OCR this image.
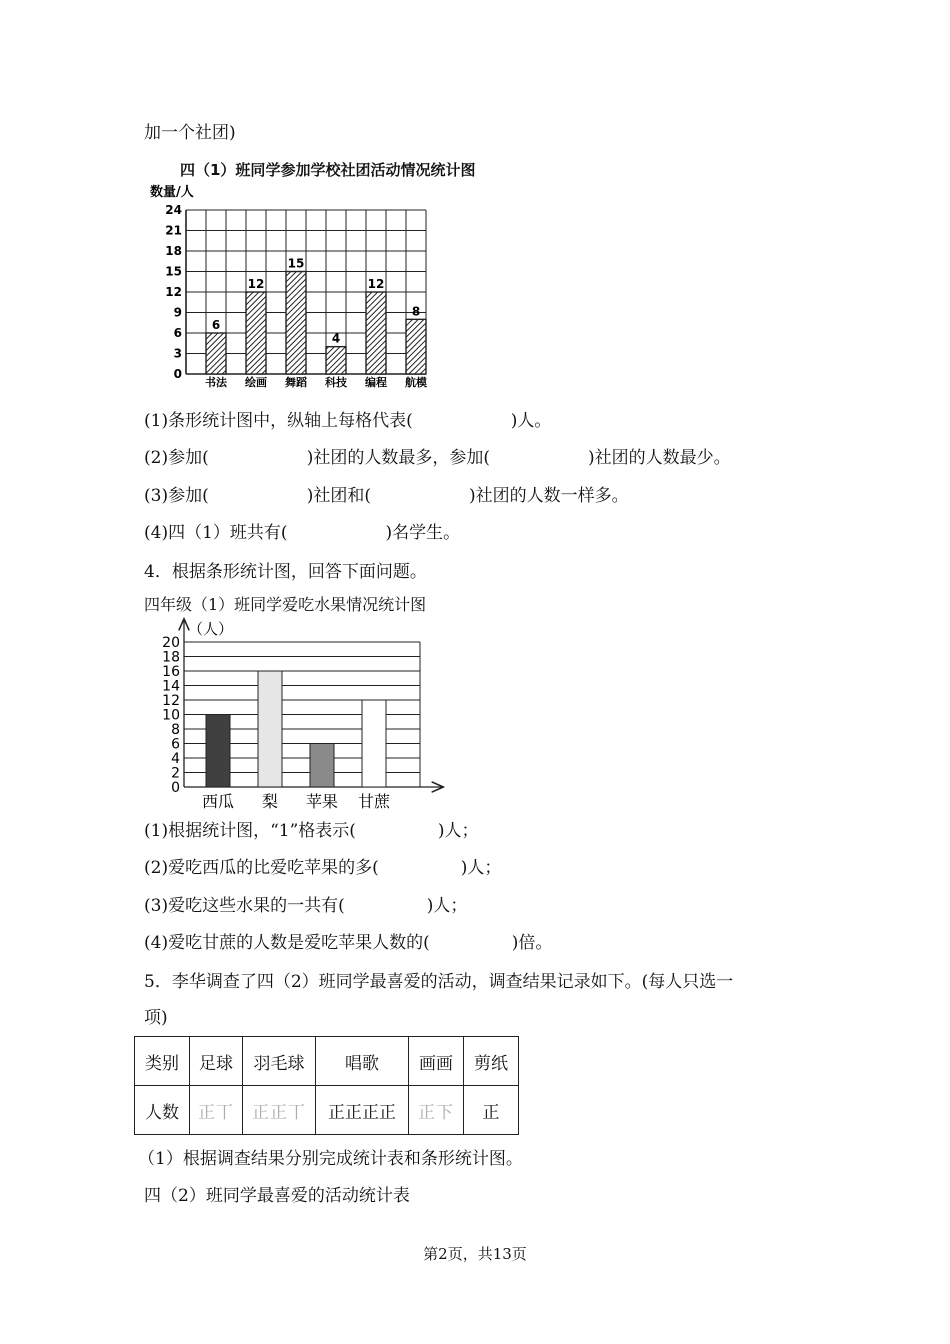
加一个社团)
四（1）班同学参加学校社团活动情况统计图
数量/人
0
3
6
9
12
15
18
21
24
6
书法
12
绘画
15
舞蹈
4
科技
12
编程
8
航模
(1)条形统计图中，纵轴上每格代表(	)人。
(2)参加(	)社团的人数最多，参加(	)社团的人数最少。
(3)参加(	)社团和(	)社团的人数一样多。
(4)四（1）班共有(	)名学生。
4．根据条形统计图，回答下面问题。
四年级（1）班同学爱吃水果情况统计图
（人）
0
2
4
6
8
10
12
14
16
18
20
西瓜 梨 苹果 甘蔗
(1)根据统计图，“1”格表示(	)人；
(2)爱吃西瓜的比爱吃苹果的多(	)人；
(3)爱吃这些水果的一共有(	)人；
(4)爱吃甘蔗的人数是爱吃苹果人数的(	)倍。
5．李华调查了四（2）班同学最喜爱的活动，调查结果记录如下。(每人只选一
项)
类别	足球	羽毛球	唱歌	画画	剪纸
人数	正丅	正正丅	正正正正	正下	正
（1）根据调查结果分别完成统计表和条形统计图。
四（2）班同学最喜爱的活动统计表
第2页，共13页
